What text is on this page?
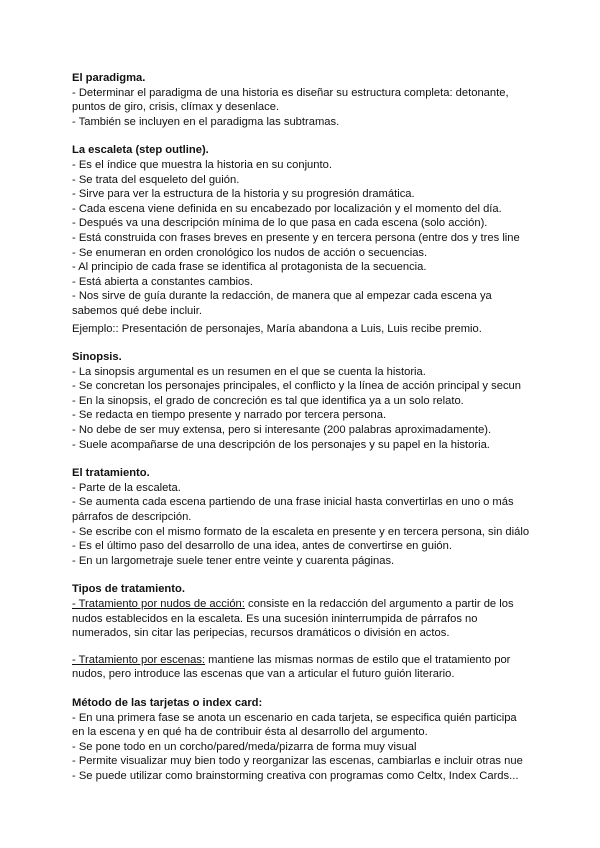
El paradigma.
- Determinar el paradigma de una historia es diseñar su estructura completa: detonante, puntos de giro, crisis, clímax y desenlace.
- También se incluyen en el paradigma las subtramas.
La escaleta (step outline).
- Es el índice que muestra la historia en su conjunto.
- Se trata del esqueleto del guión.
- Sirve para ver la estructura de la historia y su progresión dramática.
- Cada escena viene definida en su encabezado por localización y el momento del día.
- Después va una descripción mínima de lo que pasa en cada escena (solo acción).
- Está construida con frases breves en presente y en tercera persona (entre dos y tres line
- Se enumeran en orden cronológico los nudos de acción o secuencias.
- Al principio de cada frase se identifica al protagonista de la secuencia.
- Está abierta a constantes cambios.
- Nos sirve de guía durante la redacción, de manera que al empezar cada escena ya sabemos qué debe incluir.
Ejemplo:: Presentación de personajes, María abandona a Luis, Luis recibe premio.
Sinopsis.
- La sinopsis argumental es un resumen en el que se cuenta la historia.
- Se concretan los personajes principales, el conflicto y la línea de acción principal y secun
- En la sinopsis, el grado de concreción es tal que identifica ya a un solo relato.
- Se redacta en tiempo presente y narrado por tercera persona.
- No debe de ser muy extensa, pero si interesante (200 palabras aproximadamente).
- Suele acompañarse de una descripción de los personajes y su papel en la historia.
El tratamiento.
- Parte de la escaleta.
- Se aumenta cada escena partiendo de una frase inicial hasta convertirlas en uno o más párrafos de descripción.
- Se escribe con el mismo formato de la escaleta en presente y en tercera persona, sin diálo
- Es el último paso del desarrollo de una idea, antes de convertirse en guión.
- En un largometraje suele tener entre veinte y cuarenta páginas.
Tipos de tratamiento.
- Tratamiento por nudos de acción: consiste en la redacción del argumento a partir de los nudos establecidos en la escaleta. Es una sucesión ininterrumpida de párrafos no numerados, sin citar las peripecias, recursos dramáticos o división en actos.
- Tratamiento por escenas: mantiene las mismas normas de estilo que el tratamiento por nudos, pero introduce las escenas que van a articular el futuro guión literario.
Método de las tarjetas o index card:
- En una primera fase se anota un escenario en cada tarjeta, se especifica quién participa en la escena y en qué ha de contribuir ésta al desarrollo del argumento.
- Se pone todo en un corcho/pared/meda/pizarra de forma muy visual
- Permite visualizar muy bien todo y reorganizar las escenas, cambiarlas e incluir otras nue
- Se puede utilizar como brainstorming creativa con programas como Celtx, Index Cards...
